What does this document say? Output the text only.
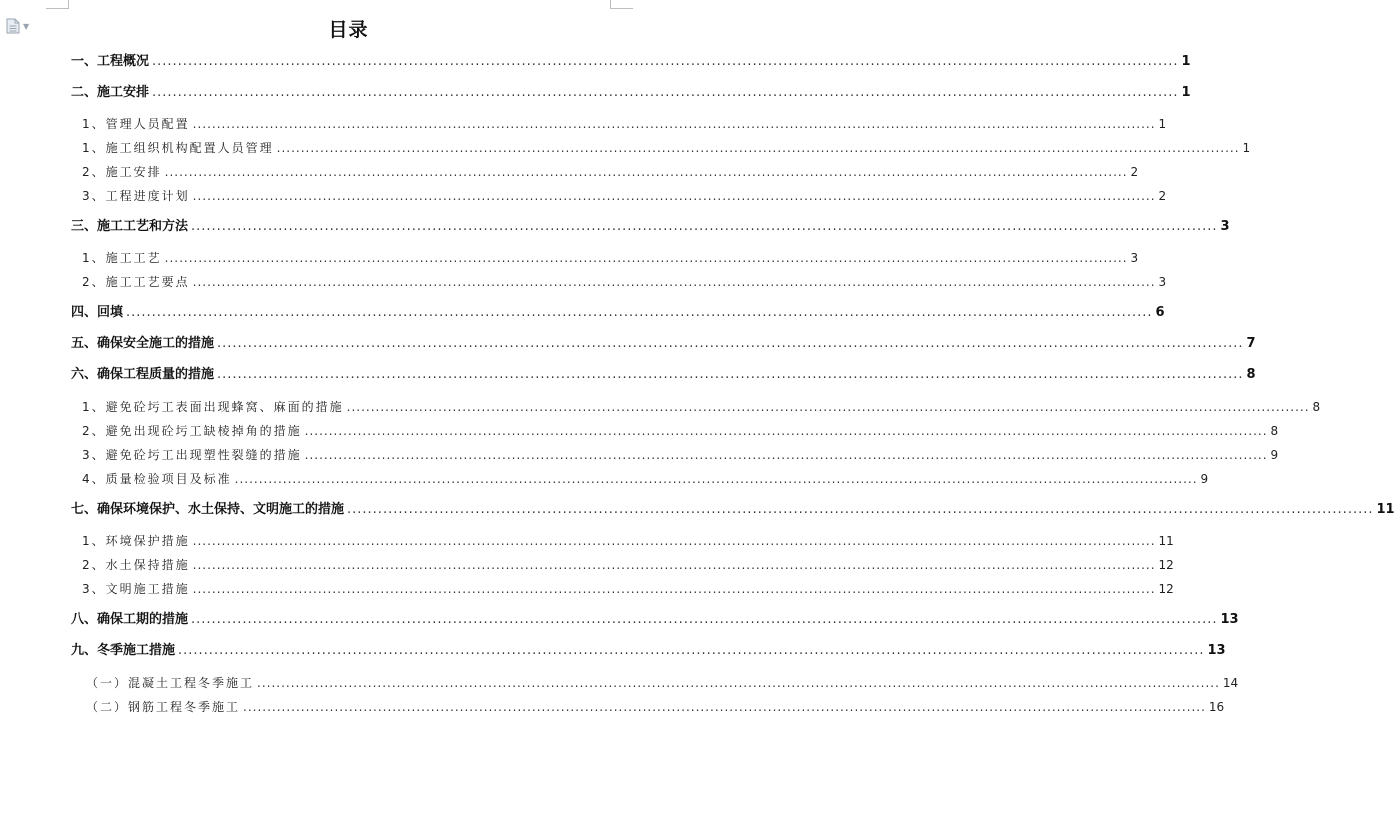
▼	目录
一、工程概况 ........................................................................................................................................................................................................ 1
二、施工安排 ........................................................................................................................................................................................................ 1
1、管理人员配置 ........................................................................................................................................................................................................ 1
1、施工组织机构配置人员管理 ........................................................................................................................................................................................................ 1
2、施工安排 ........................................................................................................................................................................................................ 2
3、工程进度计划 ........................................................................................................................................................................................................ 2
三、施工工艺和方法 ........................................................................................................................................................................................................ 3
1、施工工艺 ........................................................................................................................................................................................................ 3
2、施工工艺要点 ........................................................................................................................................................................................................ 3
四、回填 ........................................................................................................................................................................................................ 6
五、确保安全施工的措施 ........................................................................................................................................................................................................ 7
六、确保工程质量的措施 ........................................................................................................................................................................................................ 8
1、避免砼圬工表面出现蜂窝、麻面的措施 ........................................................................................................................................................................................................ 8
2、避免出现砼圬工缺棱掉角的措施 ........................................................................................................................................................................................................ 8
3、避免砼圬工出现塑性裂缝的措施 ........................................................................................................................................................................................................ 9
4、质量检验项目及标准 ........................................................................................................................................................................................................ 9
七、确保环境保护、水土保持、文明施工的措施 ........................................................................................................................................................................................................ 11
1、环境保护措施 ........................................................................................................................................................................................................ 11
2、水土保持措施 ........................................................................................................................................................................................................ 12
3、文明施工措施 ........................................................................................................................................................................................................ 12
八、确保工期的措施 ........................................................................................................................................................................................................ 13
九、冬季施工措施 ........................................................................................................................................................................................................ 13
（一）混凝土工程冬季施工 ........................................................................................................................................................................................................ 14
（二）钢筋工程冬季施工 ........................................................................................................................................................................................................ 16
